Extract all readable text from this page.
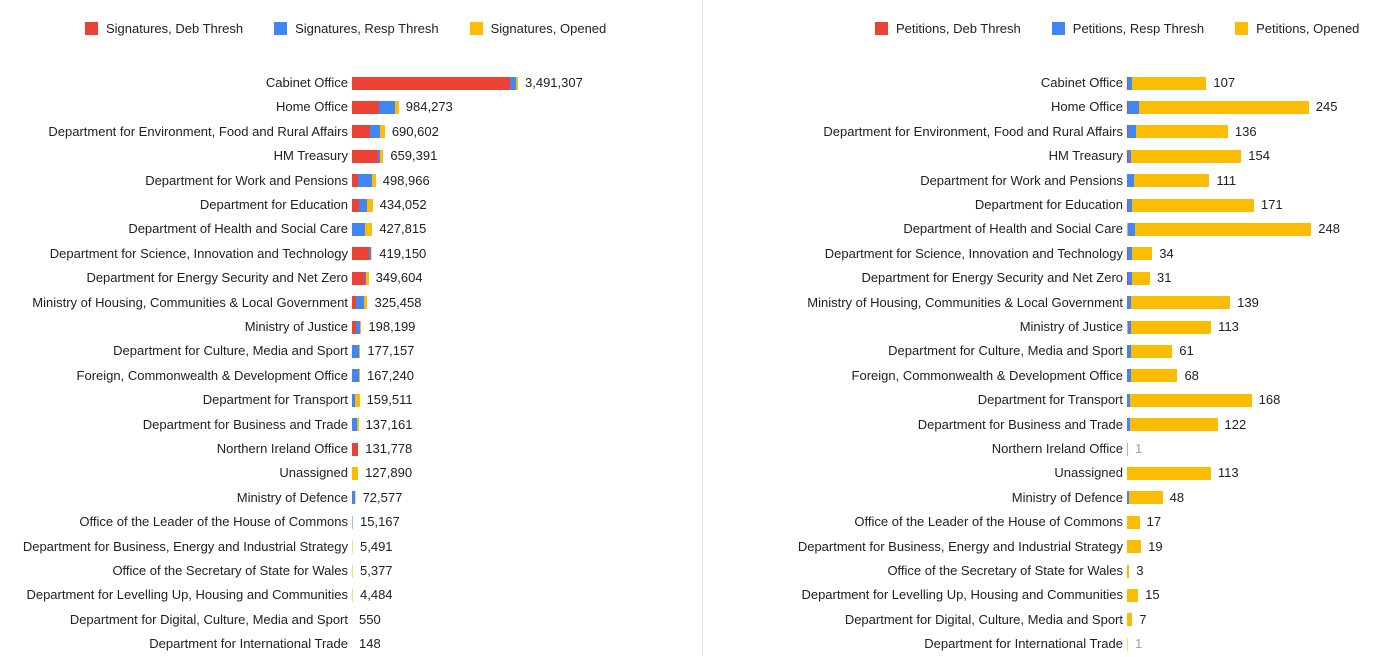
Signatures, Deb Thresh	Signatures, Resp Thresh	Signatures, Opened
Cabinet Office	3,491,307
Home Office	984,273
Department for Environment, Food and Rural Affairs	690,602
HM Treasury	659,391
Department for Work and Pensions	498,966
Department for Education 434,052
Department of Health and Social Care 427,815
Department for Science, Innovation and Technology 419,150
Department for Energy Security and Net Zero 349,604
Ministry of Housing, Communities & Local Government 325,458
Ministry of Justice 198,199
Department for Culture, Media and Sport 177,157
Foreign, Commonwealth & Development Office 167,240
Department for Transport 159,511
Department for Business and Trade 137,161
Northern Ireland Office 131,778
Unassigned 127,890
Ministry of Defence 72,577
Office of the Leader of the House of Commons 15,167
Department for Business, Energy and Industrial Strategy 5,491
Office of the Secretary of State for Wales 5,377
Department for Levelling Up, Housing and Communities 4,484
Department for Digital, Culture, Media and Sport 550
Department for International Trade 148
Petitions, Deb Thresh	Petitions, Resp Thresh	Petitions, Opened
Cabinet Office	107
Home Office	245
Department for Environment, Food and Rural Affairs	136
HM Treasury	154
Department for Work and Pensions	111
Department for Education	171
Department of Health and Social Care	248
Department for Science, Innovation and Technology	34
Department for Energy Security and Net Zero	31
Ministry of Housing, Communities & Local Government	139
Ministry of Justice	113
Department for Culture, Media and Sport	61
Foreign, Commonwealth & Development Office	68
Department for Transport	168
Department for Business and Trade	122
Northern Ireland Office 1
Unassigned	113
Ministry of Defence	48
Office of the Leader of the House of Commons 17
Department for Business, Energy and Industrial Strategy 19
Office of the Secretary of State for Wales 3
Department for Levelling Up, Housing and Communities 15
Department for Digital, Culture, Media and Sport 7
Department for International Trade 1
